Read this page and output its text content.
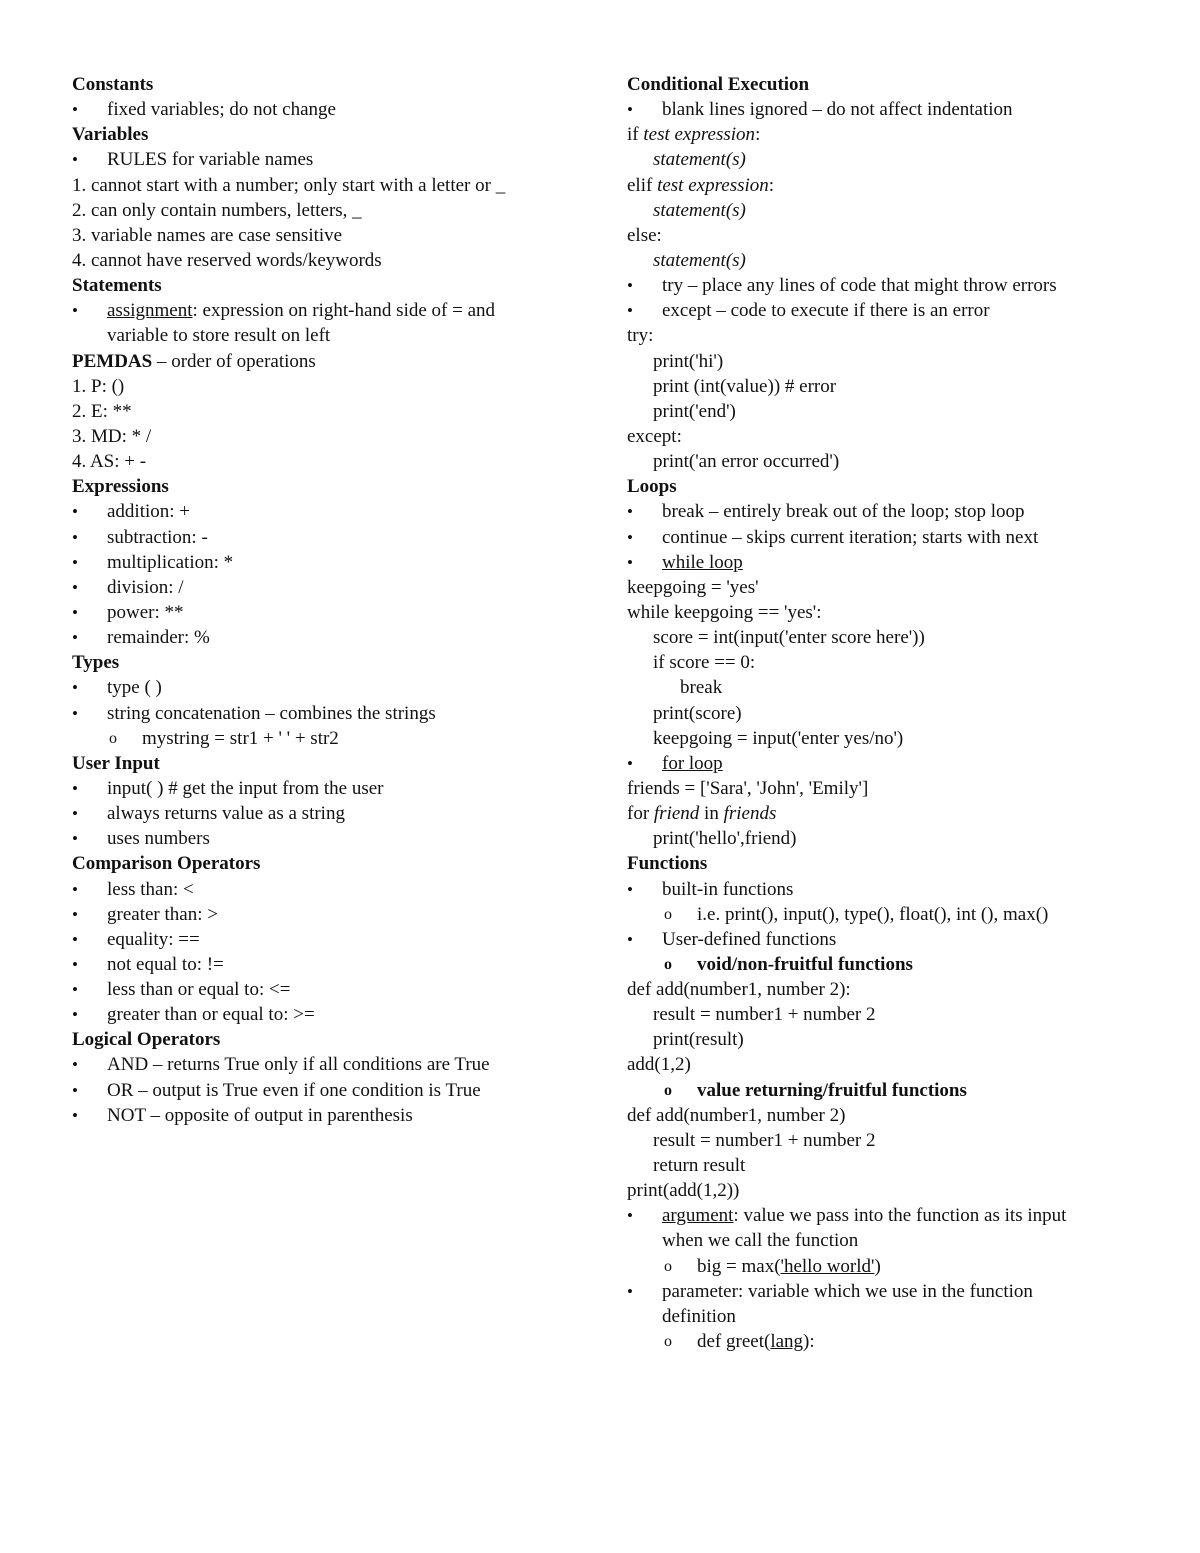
Constants
• fixed variables; do not change
Variables
• RULES for variable names
1. cannot start with a number; only start with a letter or _
2. can only contain numbers, letters, _
3. variable names are case sensitive
4. cannot have reserved words/keywords
Statements
• assignment: expression on right-hand side of = and
variable to store result on left
PEMDAS – order of operations
1. P: ()
2. E: **
3. MD: * /
4. AS: + -
Expressions
• addition: +
• subtraction: -
• multiplication: *
• division: /
• power: **
• remainder: %
Types
• type ( )
• string concatenation – combines the strings
o mystring = str1 + ' ' + str2
User Input
• input( ) # get the input from the user
• always returns value as a string
• uses numbers
Comparison Operators
• less than: <
• greater than: >
• equality: ==
• not equal to: !=
• less than or equal to: <=
• greater than or equal to: >=
Logical Operators
• AND – returns True only if all conditions are True
• OR – output is True even if one condition is True
• NOT – opposite of output in parenthesis
Conditional Execution
• blank lines ignored – do not affect indentation
if test expression:
statement(s)
elif test expression:
statement(s)
else:
statement(s)
• try – place any lines of code that might throw errors
• except – code to execute if there is an error
try:
print('hi')
print (int(value)) # error
print('end')
except:
print('an error occurred')
Loops
• break – entirely break out of the loop; stop loop
• continue – skips current iteration; starts with next
• while loop
keepgoing = 'yes'
while keepgoing == 'yes':
score = int(input('enter score here'))
if score == 0:
break
print(score)
keepgoing = input('enter yes/no')
• for loop
friends = ['Sara', 'John', 'Emily']
for friend in friends
print('hello',friend)
Functions
• built-in functions
o i.e. print(), input(), type(), float(), int (), max()
• User-defined functions
o void/non-fruitful functions
def add(number1, number 2):
result = number1 + number 2
print(result)
add(1,2)
o value returning/fruitful functions
def add(number1, number 2)
result = number1 + number 2
return result
print(add(1,2))
• argument: value we pass into the function as its input
when we call the function
o big = max('hello world')
• parameter: variable which we use in the function
definition
o def greet(lang):
